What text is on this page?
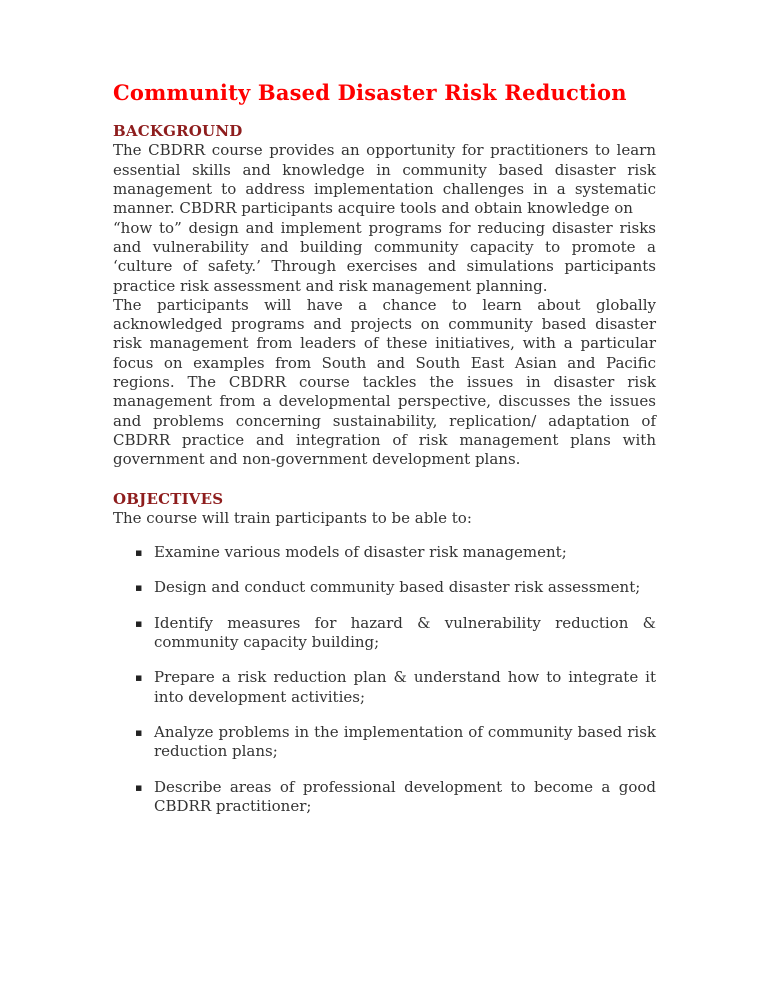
Community Based Disaster Risk Reduction
BACKGROUND

The CBDRR course provides an opportunity for practitioners to learn essential skills and knowledge in community based disaster risk management to address implementation challenges in a systematic manner. CBDRR participants acquire tools and obtain knowledge on

“how to” design and implement programs for reducing disaster risks and vulnerability and building community capacity to promote a ‘culture of safety.’ Through exercises and simulations participants practice risk assessment and risk management planning.

The participants will have a chance to learn about globally acknowledged programs and projects on community based disaster risk management from leaders of these initiatives, with a particular focus on examples from South and South East Asian and Pacific regions. The CBDRR course tackles the issues in disaster risk management from a developmental perspective, discusses the issues and problems concerning sustainability, replication/ adaptation of CBDRR practice and integration of risk management plans with government and non-government development plans.

OBJECTIVES

The course will train participants to be able to:

▪ Examine various models of disaster risk management;
▪ Design and conduct community based disaster risk assessment;
▪ Identify measures for hazard & vulnerability reduction & community capacity building;
▪ Prepare a risk reduction plan & understand how to integrate it into development activities;
▪ Analyze problems in the implementation of community based risk reduction plans;
▪ Describe areas of professional development to become a good CBDRR practitioner;
